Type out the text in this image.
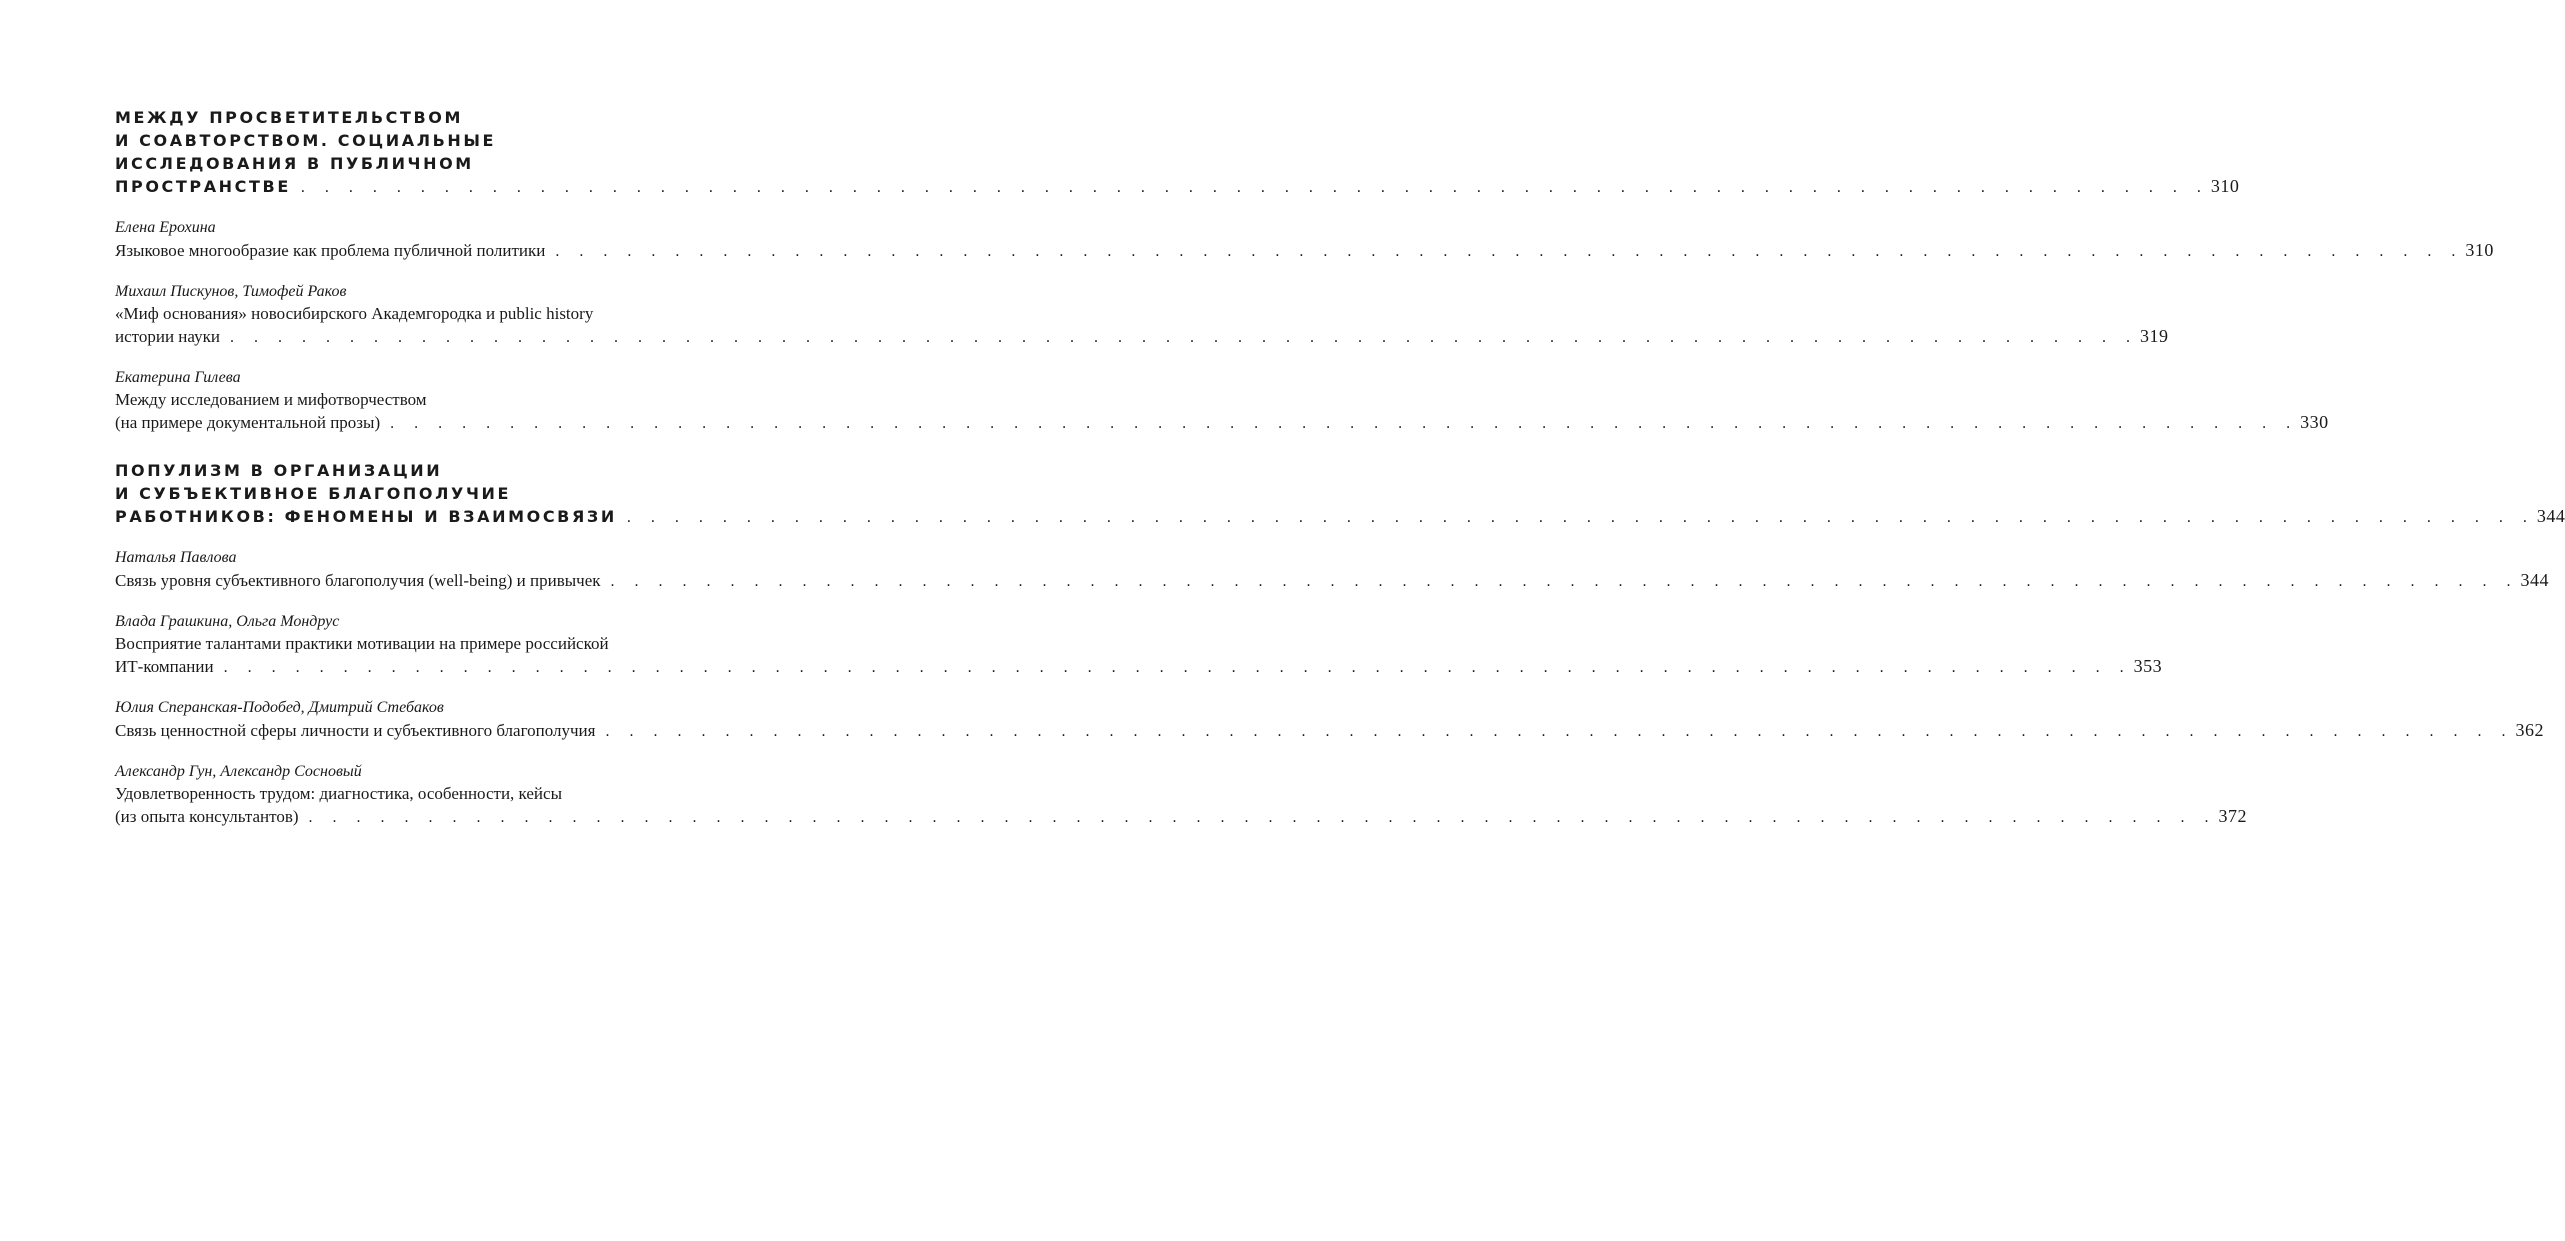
МЕЖДУ ПРОСВЕТИТЕЛЬСТВОМ
И СОАВТОРСТВОМ. СОЦИАЛЬНЫЕ
ИССЛЕДОВАНИЯ В ПУБЛИЧНОМ
ПРОСТРАНСТВЕ . . . . . . . . . . . . . . . . . . . . . . . . . . . . . . . . . . . . . . . . . . . . . . . . . . . . . . . . . . . . . . . . . . . . . . . . . . . . . . . . 310
Елена Ерохина
Языковое многообразие как проблема публичной политики . . . . . . . . . . . . . . . . . . . . . . . . . . . . . . . . . . . . . . . . . . . . . . . . . . . . . . . . . . . . . . . . . . . . . . . . . . . . . . . . 310
Михаил Пискунов, Тимофей Раков
«Миф основания» новосибирского Академгородка и public history
истории науки . . . . . . . . . . . . . . . . . . . . . . . . . . . . . . . . . . . . . . . . . . . . . . . . . . . . . . . . . . . . . . . . . . . . . . . . . . . . . . . . 319
Екатерина Гилева
Между исследованием и мифотворчеством
(на примере документальной прозы) . . . . . . . . . . . . . . . . . . . . . . . . . . . . . . . . . . . . . . . . . . . . . . . . . . . . . . . . . . . . . . . . . . . . . . . . . . . . . . . . 330
ПОПУЛИЗМ В ОРГАНИЗАЦИИ
И СУБЪЕКТИВНОЕ БЛАГОПОЛУЧИЕ
РАБОТНИКОВ: ФЕНОМЕНЫ И ВЗАИМОСВЯЗИ . . . . . . . . . . . . . . . . . . . . . . . . . . . . . . . . . . . . . . . . . . . . . . . . . . . . . . . . . . . . . . . . . . . . . . . . . . . . . . . . 344
Наталья Павлова
Связь уровня субъективного благополучия (well-being) и привычек . . . . . . . . . . . . . . . . . . . . . . . . . . . . . . . . . . . . . . . . . . . . . . . . . . . . . . . . . . . . . . . . . . . . . . . . . . . . . . . . 344
Влада Грашкина, Ольга Мондрус
Восприятие талантами практики мотивации на примере российской
ИТ-компании . . . . . . . . . . . . . . . . . . . . . . . . . . . . . . . . . . . . . . . . . . . . . . . . . . . . . . . . . . . . . . . . . . . . . . . . . . . . . . . . 353
Юлия Сперанская-Подобед, Дмитрий Стебаков
Связь ценностной сферы личности и субъективного благополучия . . . . . . . . . . . . . . . . . . . . . . . . . . . . . . . . . . . . . . . . . . . . . . . . . . . . . . . . . . . . . . . . . . . . . . . . . . . . . . . . 362
Александр Гун, Александр Сосновый
Удовлетворенность трудом: диагностика, особенности, кейсы
(из опыта консультантов) . . . . . . . . . . . . . . . . . . . . . . . . . . . . . . . . . . . . . . . . . . . . . . . . . . . . . . . . . . . . . . . . . . . . . . . . . . . . . . . . 372
